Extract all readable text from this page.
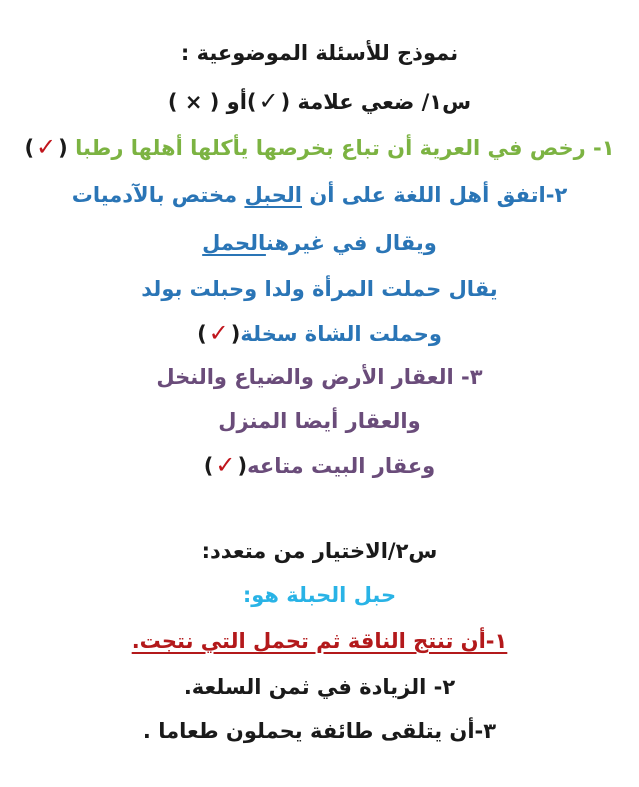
نموذج للأسئلة الموضوعية :
س١/ ضعي علامة (✓)أو ( × )
١- رخص في العرية أن تباع بخرصها يأكلها أهلها رطبا (✓)
٢-اتفق أهل اللغة على أن الحبل مختص بالآدميات
ويقال في غيرهنالحمل
يقال حملت المرأة ولدا وحبلت بولد
وحملت الشاة سخلة(✓)
٣- العقار الأرض والضياع والنخل
والعقار أيضا المنزل
وعقار البيت متاعه(✓)
س٢/الاختيار من متعدد:
حبل الحبلة هو:
١-أن تنتج الناقة ثم تحمل التي نتجت.
٢- الزيادة في ثمن السلعة.
٣-أن يتلقى طائفة يحملون طعاما .
